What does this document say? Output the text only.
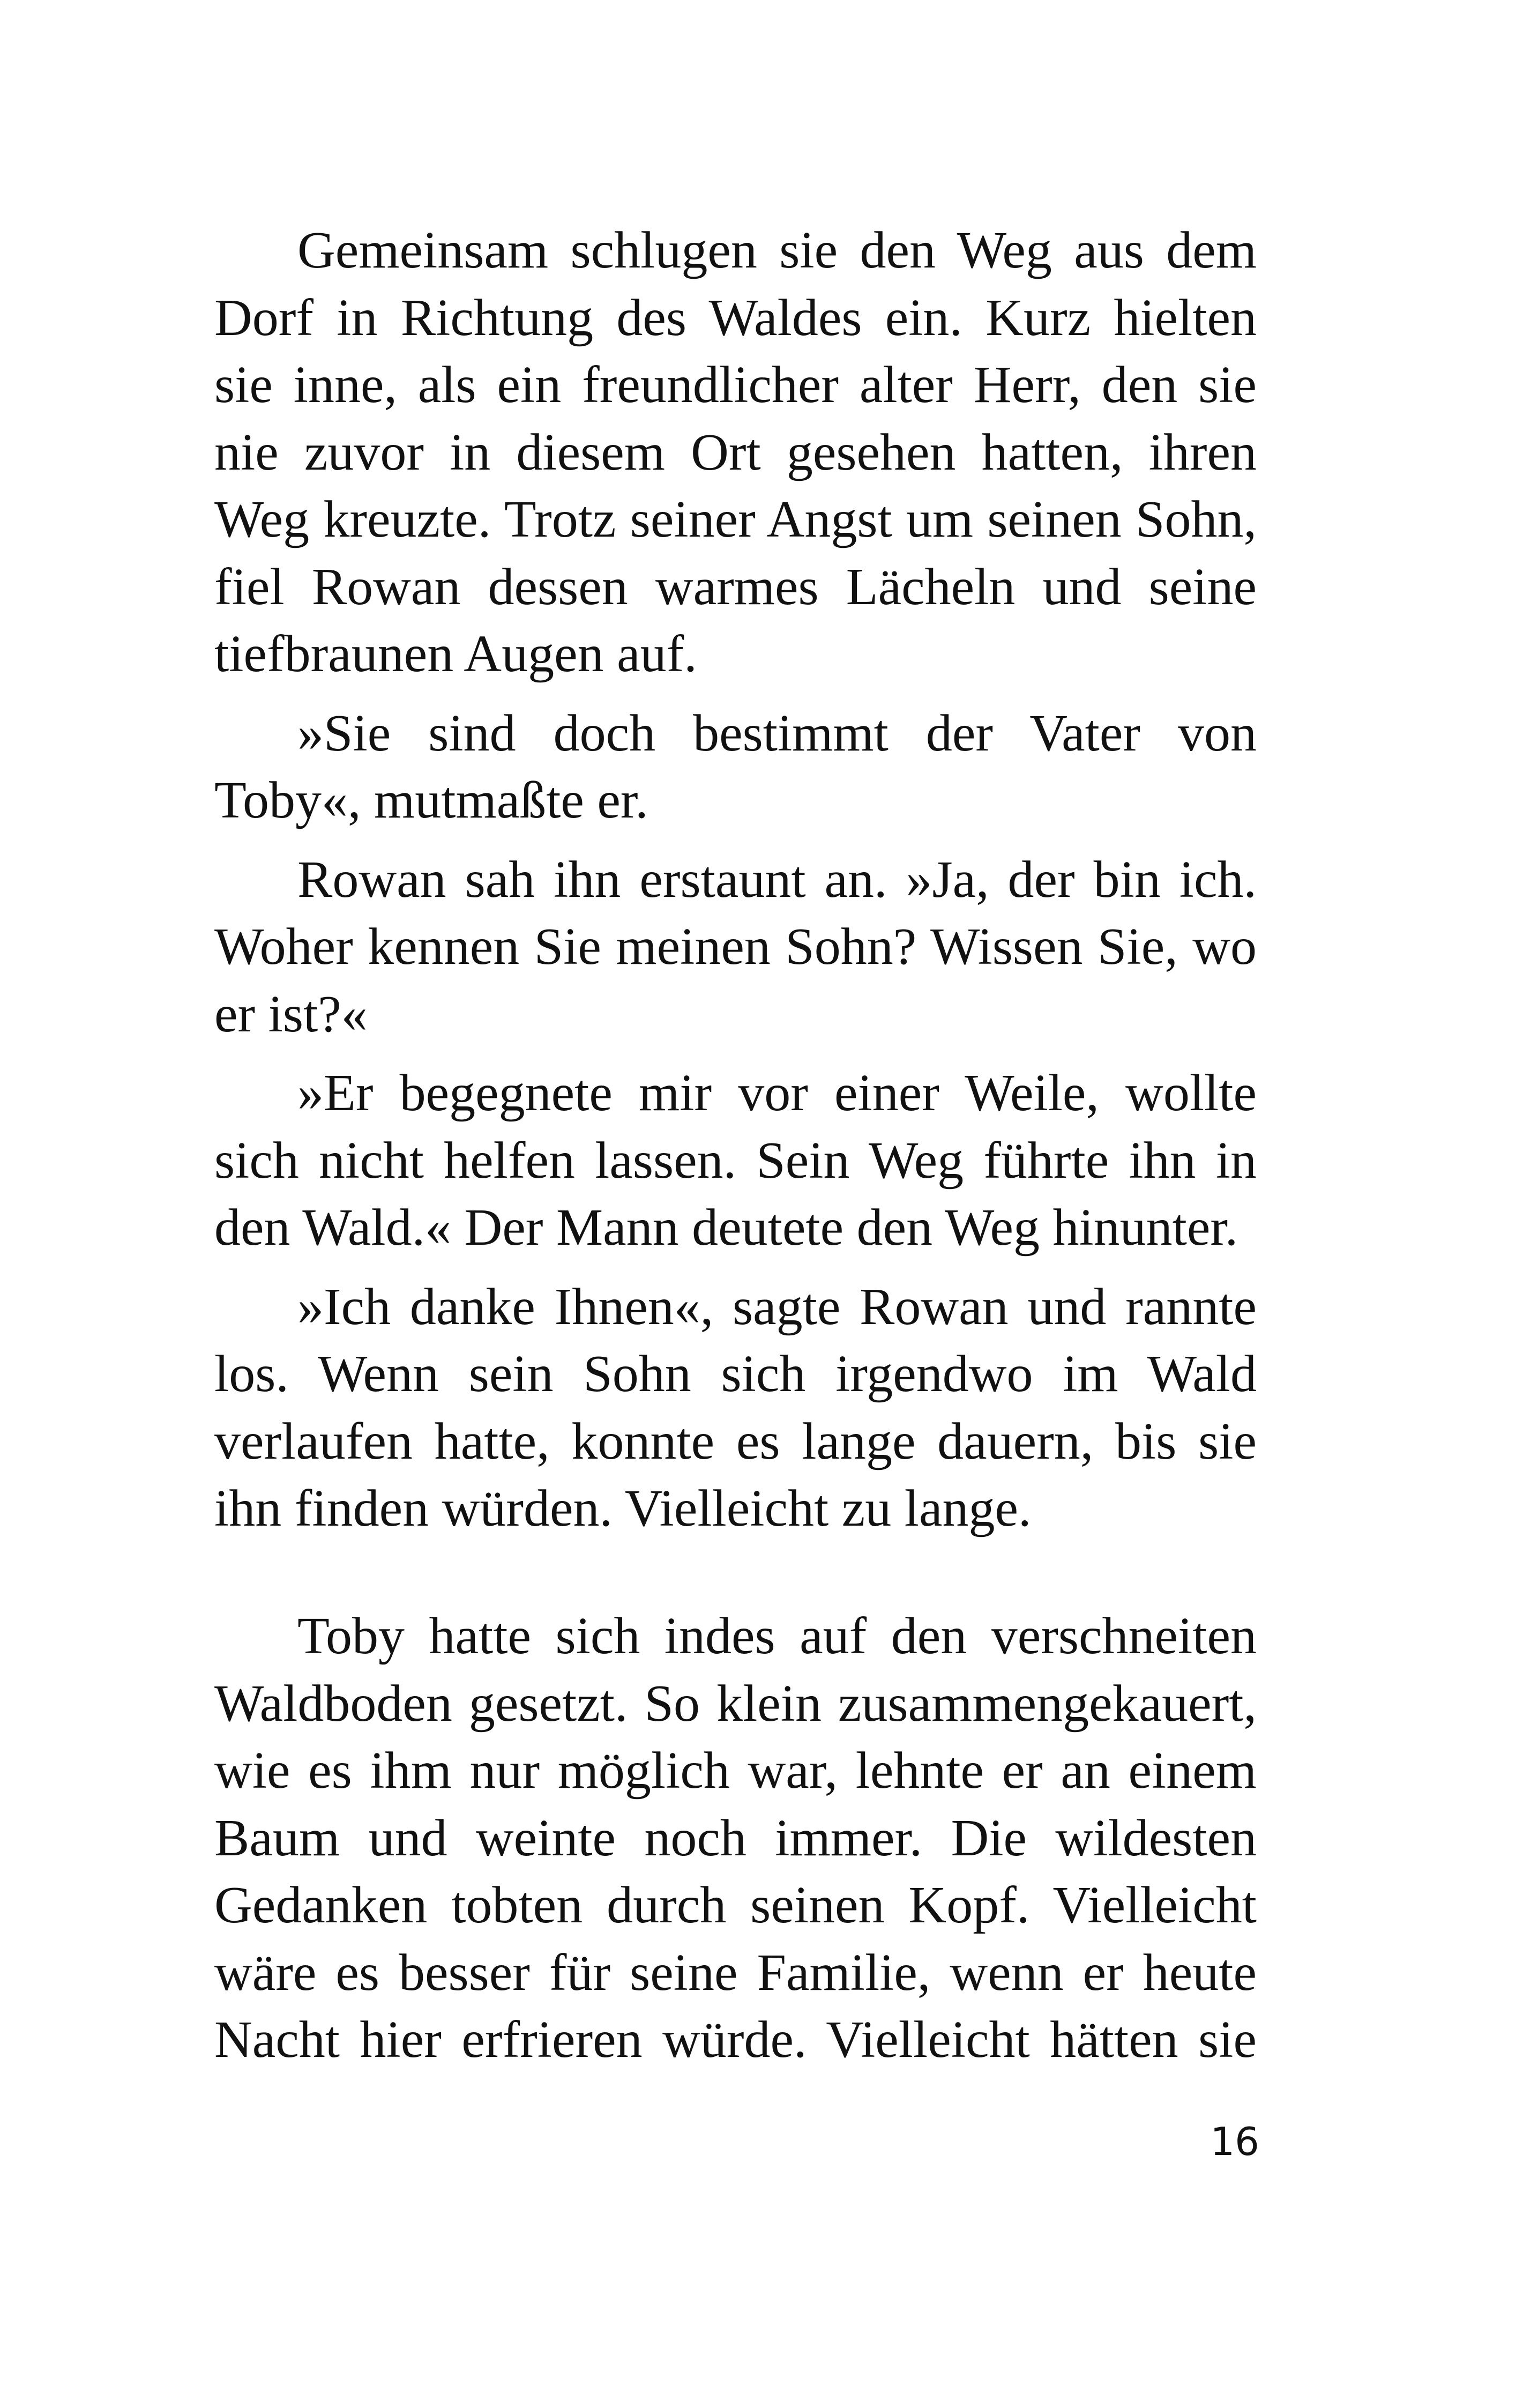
Gemeinsam schlugen sie den Weg aus dem Dorf in Richtung des Waldes ein. Kurz hielten sie inne, als ein freundlicher alter Herr, den sie nie zuvor in diesem Ort gesehen hatten, ihren Weg kreuzte. Trotz seiner Angst um seinen Sohn, fiel Rowan dessen warmes Lächeln und seine tiefbraunen Augen auf.

»Sie sind doch bestimmt der Vater von Toby«, mutmaßte er.

Rowan sah ihn erstaunt an. »Ja, der bin ich. Woher kennen Sie meinen Sohn? Wissen Sie, wo er ist?«

»Er begegnete mir vor einer Weile, wollte sich nicht helfen lassen. Sein Weg führte ihn in den Wald.« Der Mann deutete den Weg hinunter.

»Ich danke Ihnen«, sagte Rowan und rannte los. Wenn sein Sohn sich irgendwo im Wald verlaufen hatte, konnte es lange dauern, bis sie ihn finden würden. Vielleicht zu lange.

Toby hatte sich indes auf den verschneiten Waldboden gesetzt. So klein zusammengekauert, wie es ihm nur möglich war, lehnte er an einem Baum und weinte noch immer. Die wildesten Gedanken tobten durch seinen Kopf. Vielleicht wäre es besser für seine Familie, wenn er heute Nacht hier erfrieren würde. Vielleicht hätten sie

16
